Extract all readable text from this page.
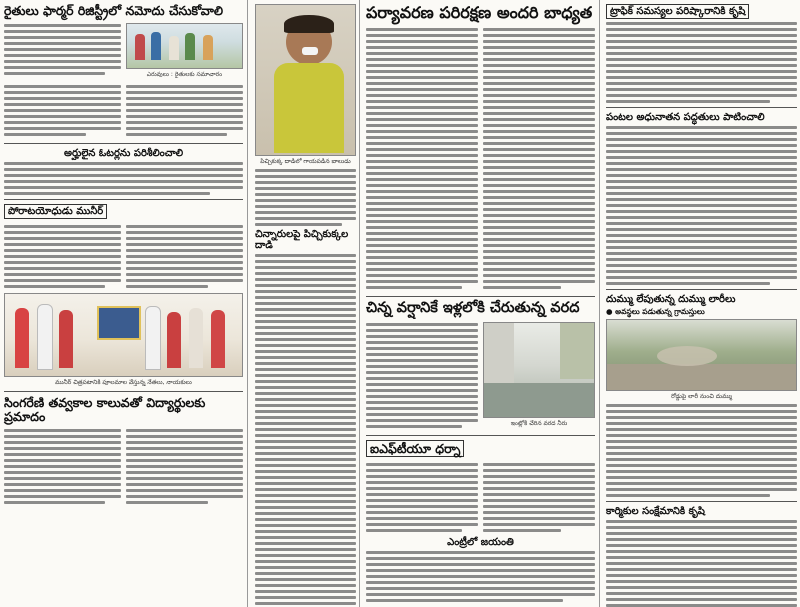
రైతులు ఫార్మర్ రిజిస్ట్రీలో నమోదు చేసుకోవాలి
ఎరువులు : రైతులకు సమాచారం
అర్హులైన ఓటర్లను పరిశీలించాలి
పోరాటయోధుడు మునీర్
మునీర్ చిత్రపటానికి పూలమాల వేస్తున్న నేతలు, నాయకులు
సింగరేణి తవ్వకాల కాలువతో విద్యార్థులకు ప్రమాదం
పిచ్చికుక్క దాడిలో గాయపడిన బాలుడు
చిన్నారులపై పిచ్చికుక్కల దాడి
పర్యావరణ పరిరక్షణ అందరి బాధ్యత
చిన్న వర్షానికే ఇళ్లలోకి చేరుతున్న వరద
ఇంట్లోకి చేరిన వరద నీరు
ఐఎఫ్‌టీయూ ధర్నా
ఎంట్రీలో జయంతి
ట్రాఫిక్ సమస్యల పరిష్కారానికి కృషి
పంటల అధునాతన పద్ధతులు పాటించాలి
దుమ్ము లేపుతున్న దుమ్ము లారీలు
● అవస్థలు పడుతున్న గ్రామస్తులు
రోడ్డుపై లారీ నుంచి దుమ్ము
కార్మికుల సంక్షేమానికి కృషి
